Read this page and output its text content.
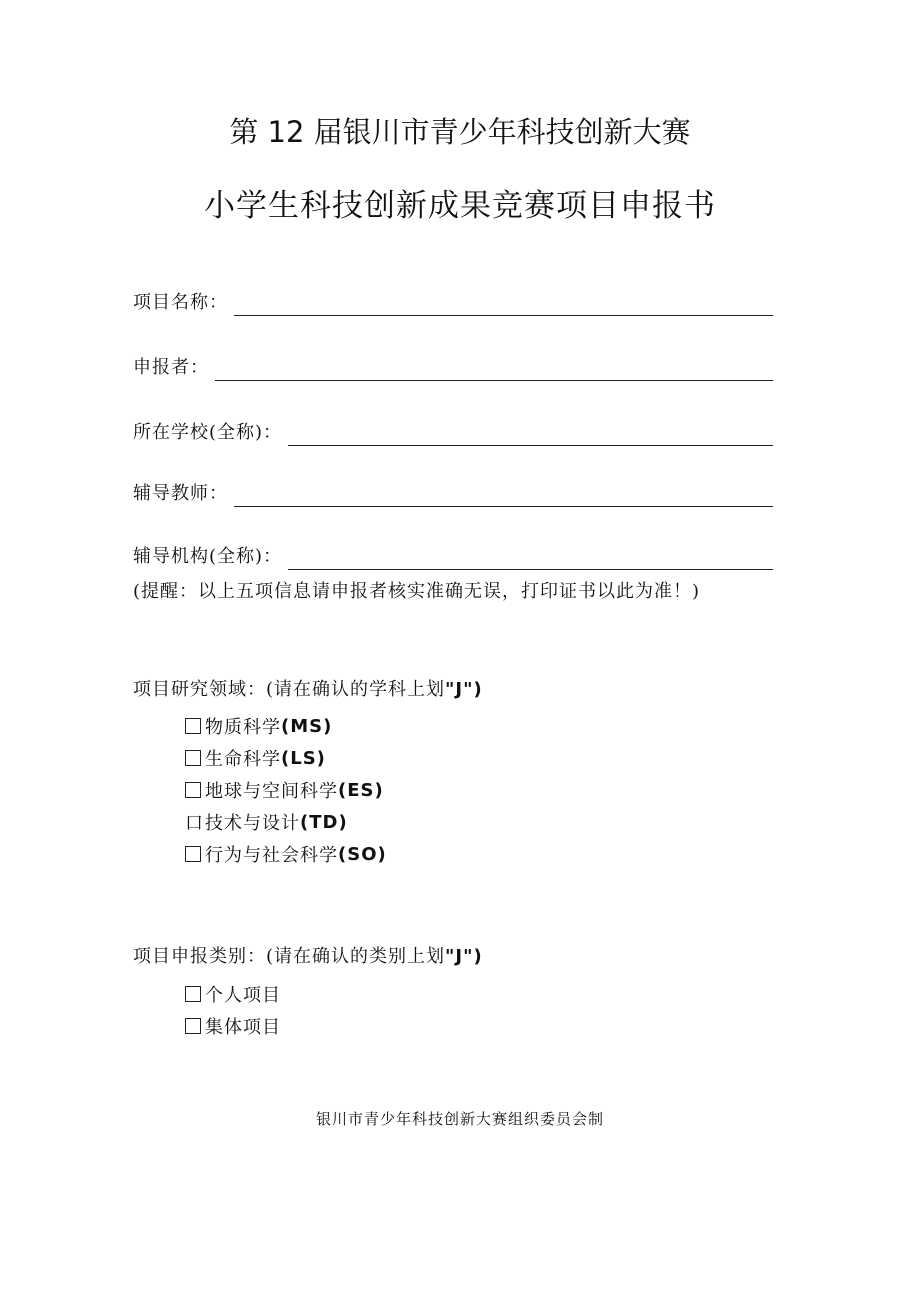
第 12 届银川市青少年科技创新大赛
小学生科技创新成果竞赛项目申报书
项目名称：
申报者：
所在学校(全称)：
辅导教师：
辅导机构(全称)：
(提醒：以上五项信息请申报者核实准确无误，打印证书以此为准！)
项目研究领域：(请在确认的学科上划"J")
物质科学 (MS)
生命科学 (LS)
地球与空间科学 (ES)
口 技术与设计 (TD)
行为与社会科学 (SO)
项目申报类别：(请在确认的类别上划"J")
个人项目
集体项目
银川市青少年科技创新大赛组织委员会制
